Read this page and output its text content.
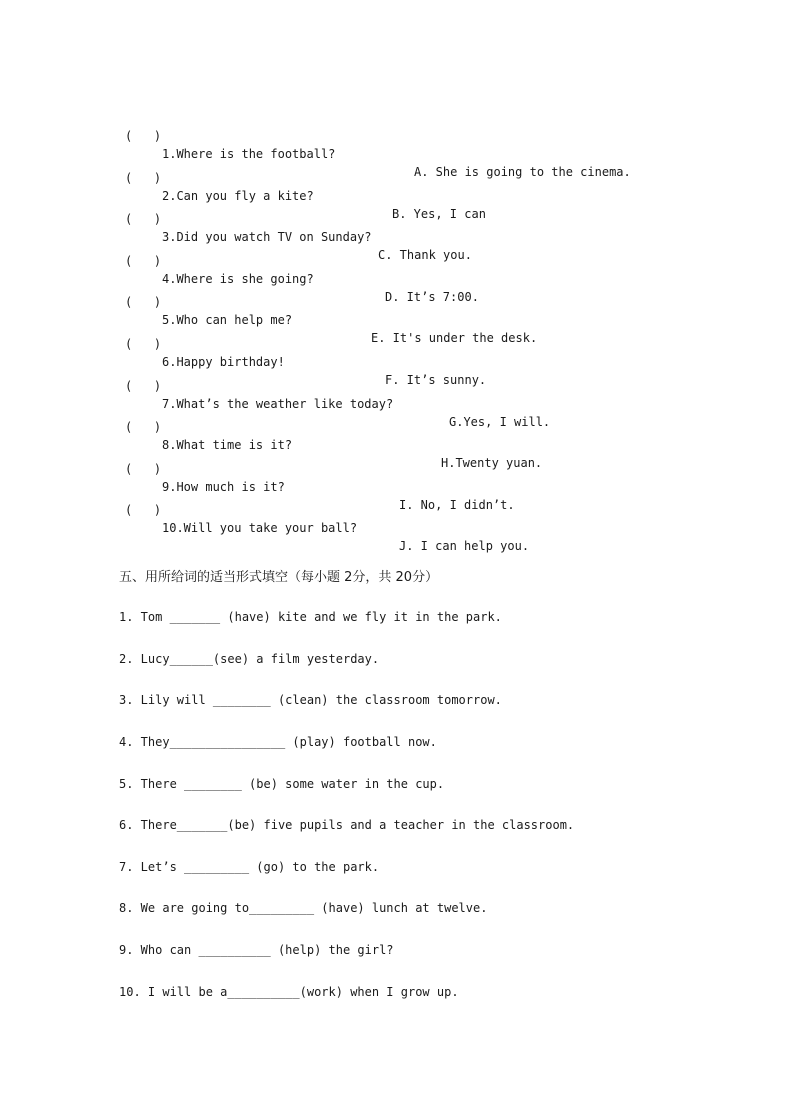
(   )

1.Where is the football?

A. She is going to the cinema.

(   )

2.Can you fly a kite?

B. Yes, I can

(   )

3.Did you watch TV on Sunday?

C. Thank you.

(   )

4.Where is she going?

D. It’s 7:00.

(   )

5.Who can help me?

E. It's under the desk.

(   )

6.Happy birthday!

F. It’s sunny.

(   )

7.What’s the weather like today?

G.Yes, I will.

(   )

8.What time is it?

H.Twenty yuan.

(   )

9.How much is it?

I. No, I didn’t.

(   )

10.Will you take your ball?

J. I can help you.

五、用所给词的适当形式填空（每小题 2分，共 20分）
1. Tom _______ (have) kite and we fly it in the park.
2. Lucy______(see) a film yesterday.
3. Lily will ________ (clean) the classroom tomorrow.
4. They________________ (play) football now.
5. There ________ (be) some water in the cup.
6. There_______(be) five pupils and a teacher in the classroom.
7. Let’s _________ (go) to the park.
8. We are going to_________ (have) lunch at twelve.
9. Who can __________ (help) the girl?
10. I will be a__________(work) when I grow up.
